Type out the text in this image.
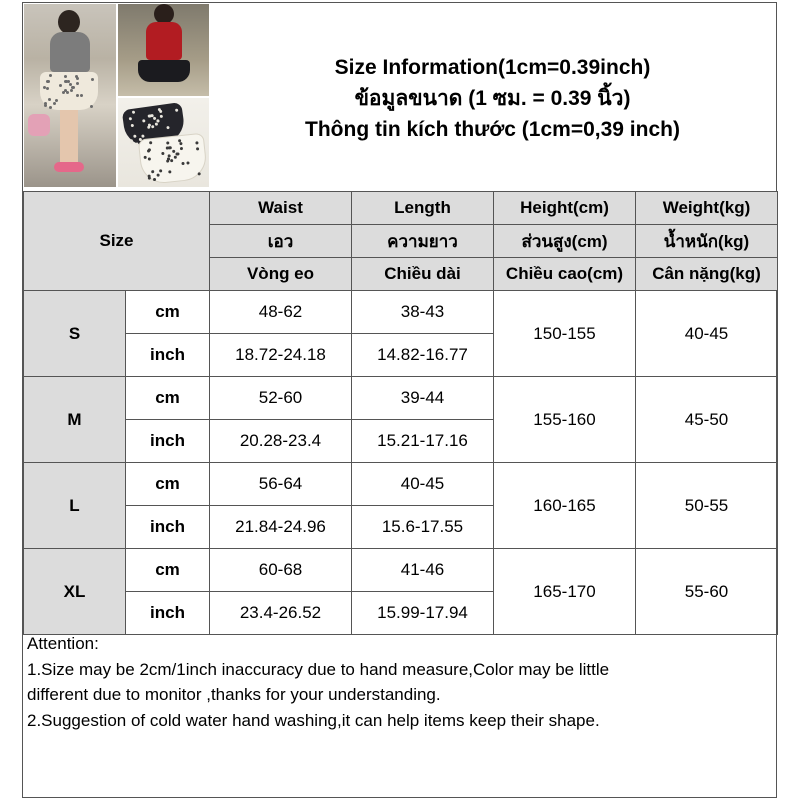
Size Information(1cm=0.39inch)
ข้อมูลขนาด (1 ซม. = 0.39 นิ้ว)
Thông tin kích thước (1cm=0,39 inch)
Size		Waist	Length	Height(cm)	Weight(kg)
		เอว	ความยาว	ส่วนสูง(cm)	น้ำหนัก(kg)
		Vòng eo	Chiều dài	Chiều cao(cm)	Cân nặng(kg)
S	cm	48-62	38-43	150-155	40-45
	inch	18.72-24.18	14.82-16.77		
M	cm	52-60	39-44	155-160	45-50
	inch	20.28-23.4	15.21-17.16		
L	cm	56-64	40-45	160-165	50-55
	inch	21.84-24.96	15.6-17.55		
XL	cm	60-68	41-46	165-170	55-60
	inch	23.4-26.52	15.99-17.94		
Attention:
1.Size may be 2cm/1inch inaccuracy due to hand measure,Color may be little
different due to monitor ,thanks for your understanding.
2.Suggestion of cold water hand washing,it can help items keep their shape.
